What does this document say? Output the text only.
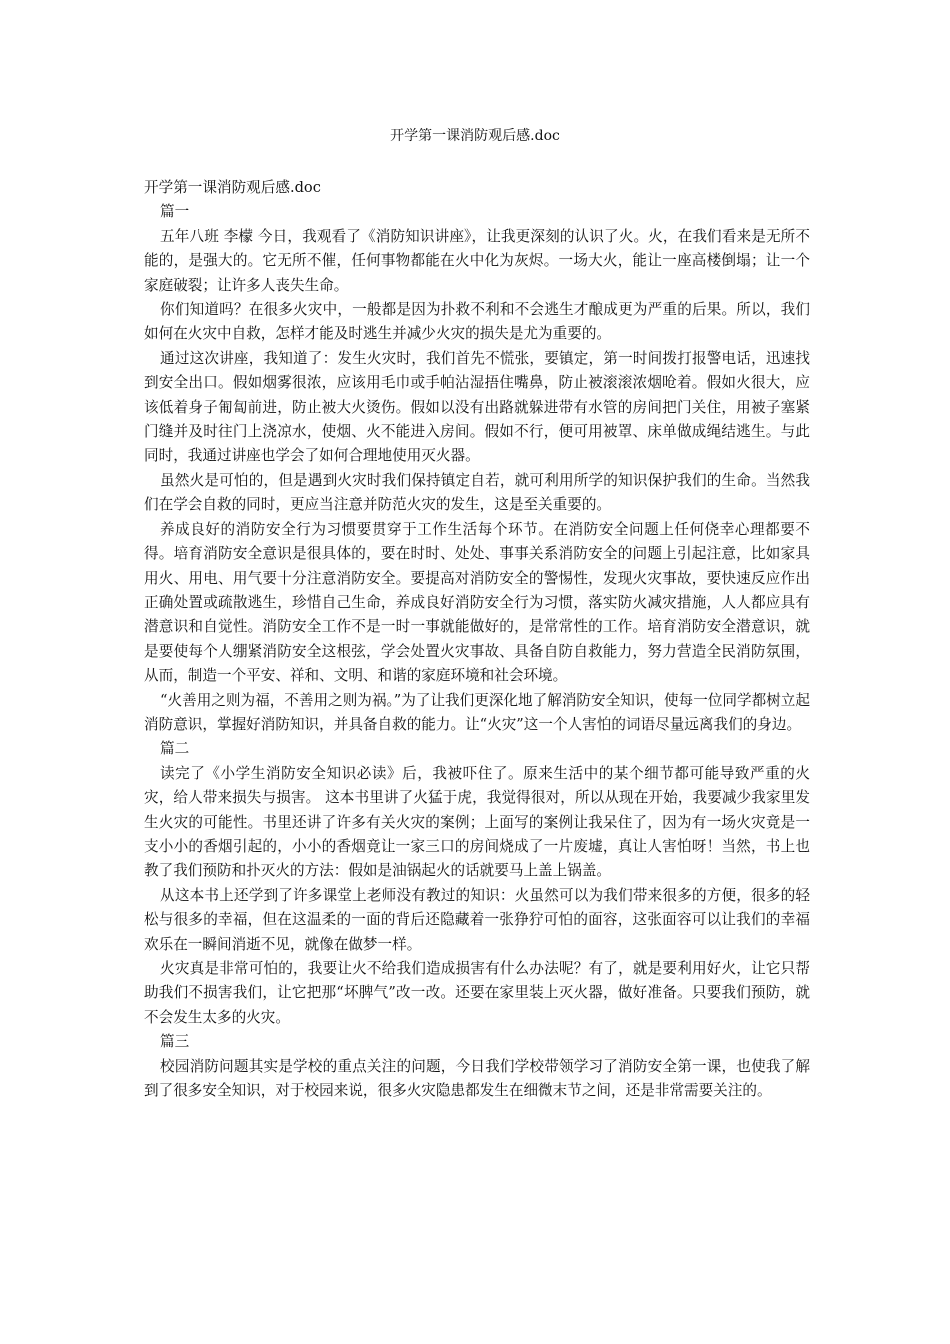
开学第一课消防观后感.doc

开学第一课消防观后感.doc

篇一

五年八班 李檬 今日，我观看了《消防知识讲座》，让我更深刻的认识了火。火，在我们看来是无所不能的，是强大的。它无所不催，任何事物都能在火中化为灰烬。一场大火，能让一座高楼倒塌；让一个家庭破裂；让许多人丧失生命。

你们知道吗？在很多火灾中，一般都是因为扑救不利和不会逃生才酿成更为严重的后果。所以，我们如何在火灾中自救，怎样才能及时逃生并减少火灾的损失是尤为重要的。

通过这次讲座，我知道了：发生火灾时，我们首先不慌张，要镇定，第一时间拨打报警电话，迅速找到安全出口。假如烟雾很浓，应该用毛巾或手帕沾湿捂住嘴鼻，防止被滚滚浓烟呛着。假如火很大，应该低着身子匍匐前进，防止被大火烫伤。假如以没有出路就躲进带有水管的房间把门关住，用被子塞紧门缝并及时往门上浇凉水，使烟、火不能进入房间。假如不行，便可用被罩、床单做成绳结逃生。与此同时，我通过讲座也学会了如何合理地使用灭火器。

虽然火是可怕的，但是遇到火灾时我们保持镇定自若，就可利用所学的知识保护我们的生命。当然我们在学会自救的同时，更应当注意并防范火灾的发生，这是至关重要的。

养成良好的消防安全行为习惯要贯穿于工作生活每个环节。在消防安全问题上任何侥幸心理都要不得。培育消防安全意识是很具体的，要在时时、处处、事事关系消防安全的问题上引起注意，比如家具用火、用电、用气要十分注意消防安全。要提高对消防安全的警惕性，发现火灾事故，要快速反应作出正确处置或疏散逃生，珍惜自己生命，养成良好消防安全行为习惯，落实防火减灾措施，人人都应具有潜意识和自觉性。消防安全工作不是一时一事就能做好的，是常常性的工作。培育消防安全潜意识，就是要使每个人绷紧消防安全这根弦，学会处置火灾事故、具备自防自救能力，努力营造全民消防氛围，从而，制造一个平安、祥和、文明、和谐的家庭环境和社会环境。

“火善用之则为福，不善用之则为祸。”为了让我们更深化地了解消防安全知识，使每一位同学都树立起消防意识，掌握好消防知识，并具备自救的能力。让“火灾”这一个人害怕的词语尽量远离我们的身边。

篇二

读完了《小学生消防安全知识必读》后，我被吓住了。原来生活中的某个细节都可能导致严重的火灾，给人带来损失与损害。 这本书里讲了火猛于虎，我觉得很对，所以从现在开始，我要减少我家里发生火灾的可能性。书里还讲了许多有关火灾的案例；上面写的案例让我呆住了，因为有一场火灾竟是一支小小的香烟引起的，小小的香烟竟让一家三口的房间烧成了一片废墟，真让人害怕呀！当然，书上也教了我们预防和扑灭火的方法：假如是油锅起火的话就要马上盖上锅盖。

从这本书上还学到了许多课堂上老师没有教过的知识：火虽然可以为我们带来很多的方便，很多的轻松与很多的幸福，但在这温柔的一面的背后还隐藏着一张狰狞可怕的面容，这张面容可以让我们的幸福欢乐在一瞬间消逝不见，就像在做梦一样。

火灾真是非常可怕的，我要让火不给我们造成损害有什么办法呢？有了，就是要利用好火，让它只帮助我们不损害我们，让它把那“坏脾气”改一改。还要在家里装上灭火器，做好准备。只要我们预防，就不会发生太多的火灾。

篇三

校园消防问题其实是学校的重点关注的问题，今日我们学校带领学习了消防安全第一课，也使我了解到了很多安全知识，对于校园来说，很多火灾隐患都发生在细微末节之间，还是非常需要关注的。
